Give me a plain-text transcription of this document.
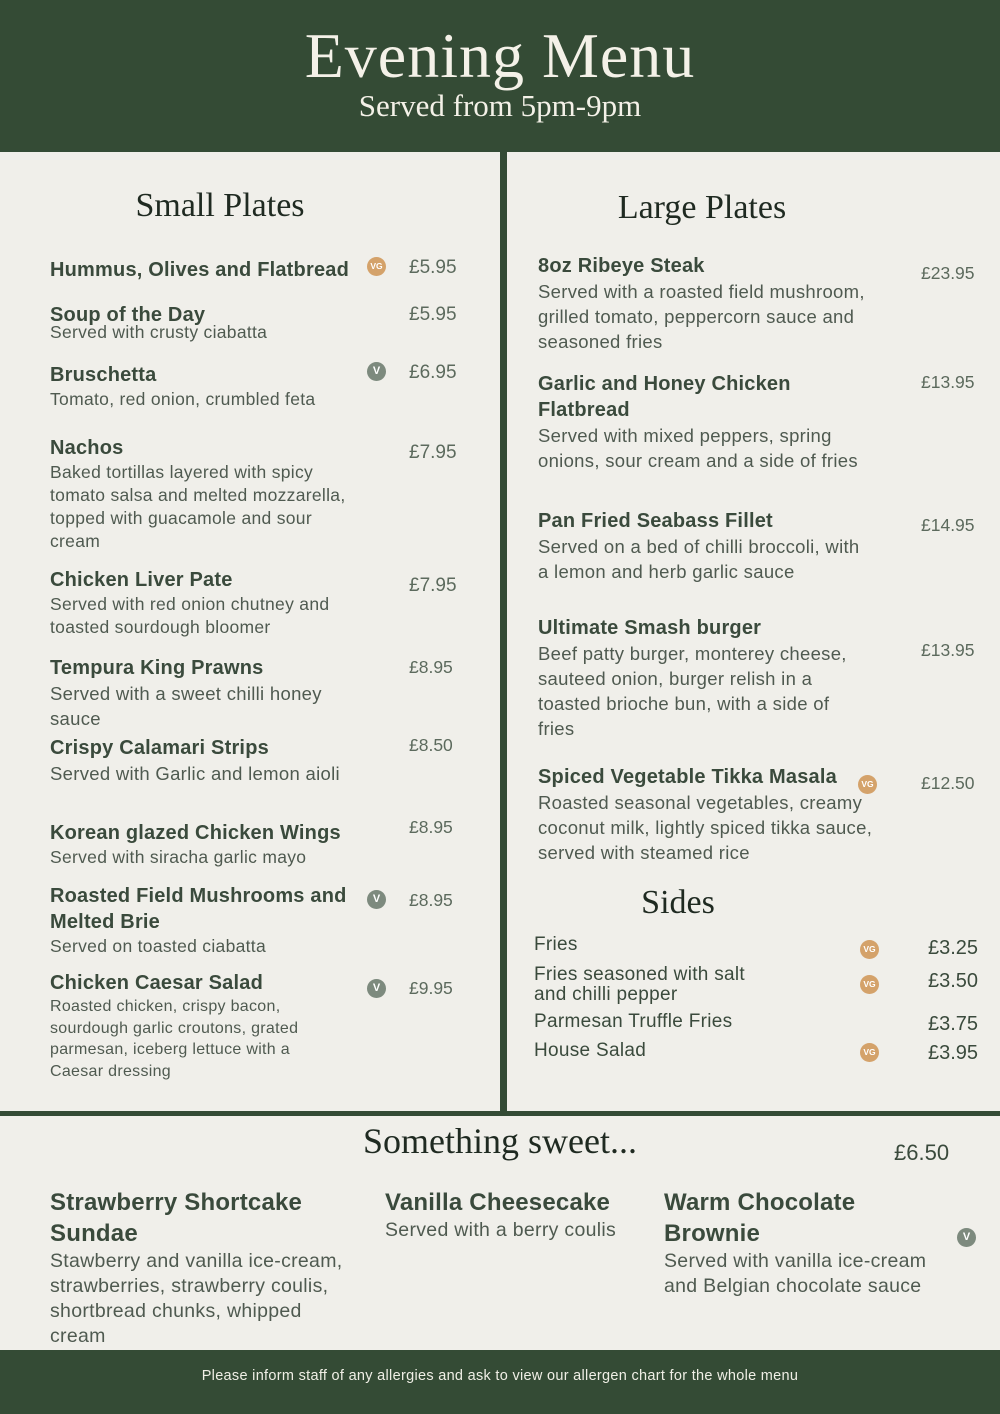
Evening Menu
Served from 5pm-9pm
Small Plates
Hummus, Olives and Flatbread	VG £5.95
Soup of the Day
Served with crusty ciabatta
£5.95
Bruschetta
Tomato, red onion, crumbled feta
V	£6.95
Nachos
Baked tortillas layered with spicy tomato salsa and melted mozzarella, topped with guacamole and sour cream
£7.95
Chicken Liver Pate
Served with red onion chutney and toasted sourdough bloomer
£7.95
Tempura King Prawns
Served with a sweet chilli honey sauce
£8.95
Crispy Calamari Strips
Served with Garlic and lemon aioli
£8.50
Korean glazed Chicken Wings
Served with siracha garlic mayo
£8.95
Roasted Field Mushrooms and Melted Brie
Served on toasted ciabatta
V	£8.95
Chicken Caesar Salad
Roasted chicken, crispy bacon, sourdough garlic croutons, grated parmesan, iceberg lettuce with a Caesar dressing
V	£9.95
Large Plates
8oz Ribeye Steak
Served with a roasted field mushroom, grilled tomato, peppercorn sauce and seasoned fries
£23.95
Garlic and Honey Chicken Flatbread
Served with mixed peppers, spring onions, sour cream and a side of fries
£13.95
Pan Fried Seabass Fillet
Served on a bed of chilli broccoli, with a lemon and herb garlic sauce
£14.95
Ultimate Smash burger
Beef patty burger, monterey cheese, sauteed onion, burger relish in a toasted brioche bun, with a side of fries
£13.95
Spiced Vegetable Tikka Masala
Roasted seasonal vegetables, creamy coconut milk, lightly spiced tikka sauce, served with steamed rice
VG	£12.50
Sides
Fries	VG	£3.25
Fries seasoned with salt and chilli pepper	VG	£3.50
Parmesan Truffle Fries	£3.75
House Salad	VG	£3.95
Something sweet...	£6.50
Strawberry Shortcake Sundae
Stawberry and vanilla ice-cream, strawberries, strawberry coulis, shortbread chunks, whipped cream
Vanilla Cheesecake
Served with a berry coulis
Warm Chocolate Brownie
Served with vanilla ice-cream and Belgian chocolate sauce
V
Please inform staff of any allergies and ask to view our allergen chart for the whole menu
